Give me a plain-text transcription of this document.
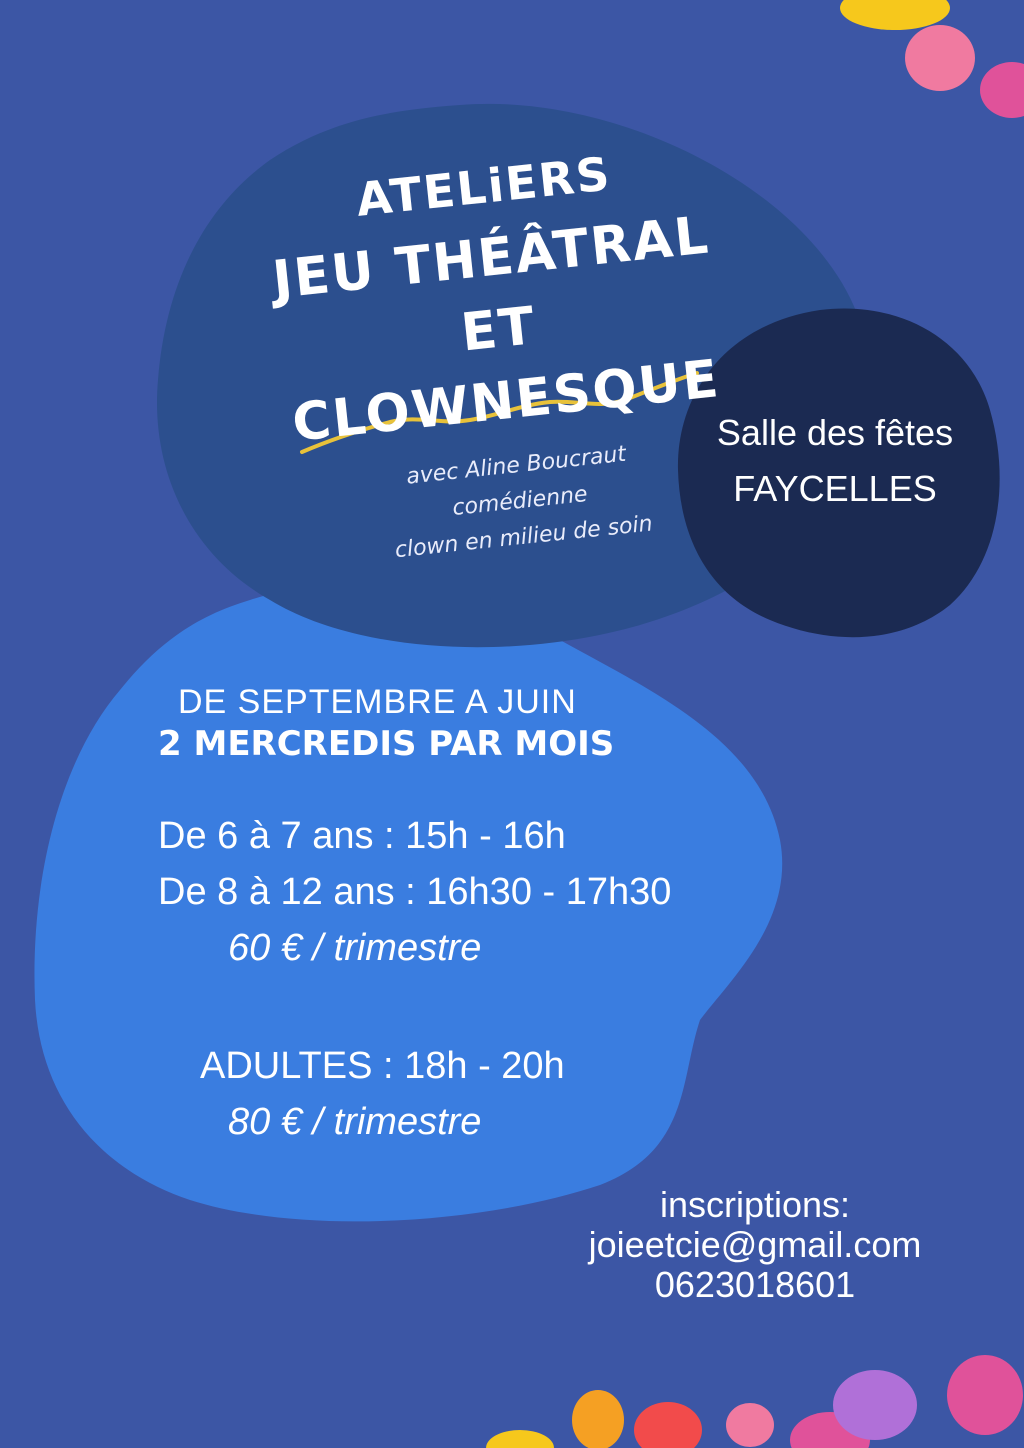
ATELiERS
JEU THÉÂTRAL
ET CLOWNESQUE
avec Aline Boucraut
comédienne
clown en milieu de soin
Salle des fêtes
FAYCELLES

DE SEPTEMBRE A JUIN

2 MERCREDIS PAR MOIS

De 6 à 7 ans : 15h - 16h

De 8 à 12 ans : 16h30 - 17h30

60 € / trimestre

ADULTES : 18h - 20h

80 € / trimestre

inscriptions:
joieetcie@gmail.com
0623018601
